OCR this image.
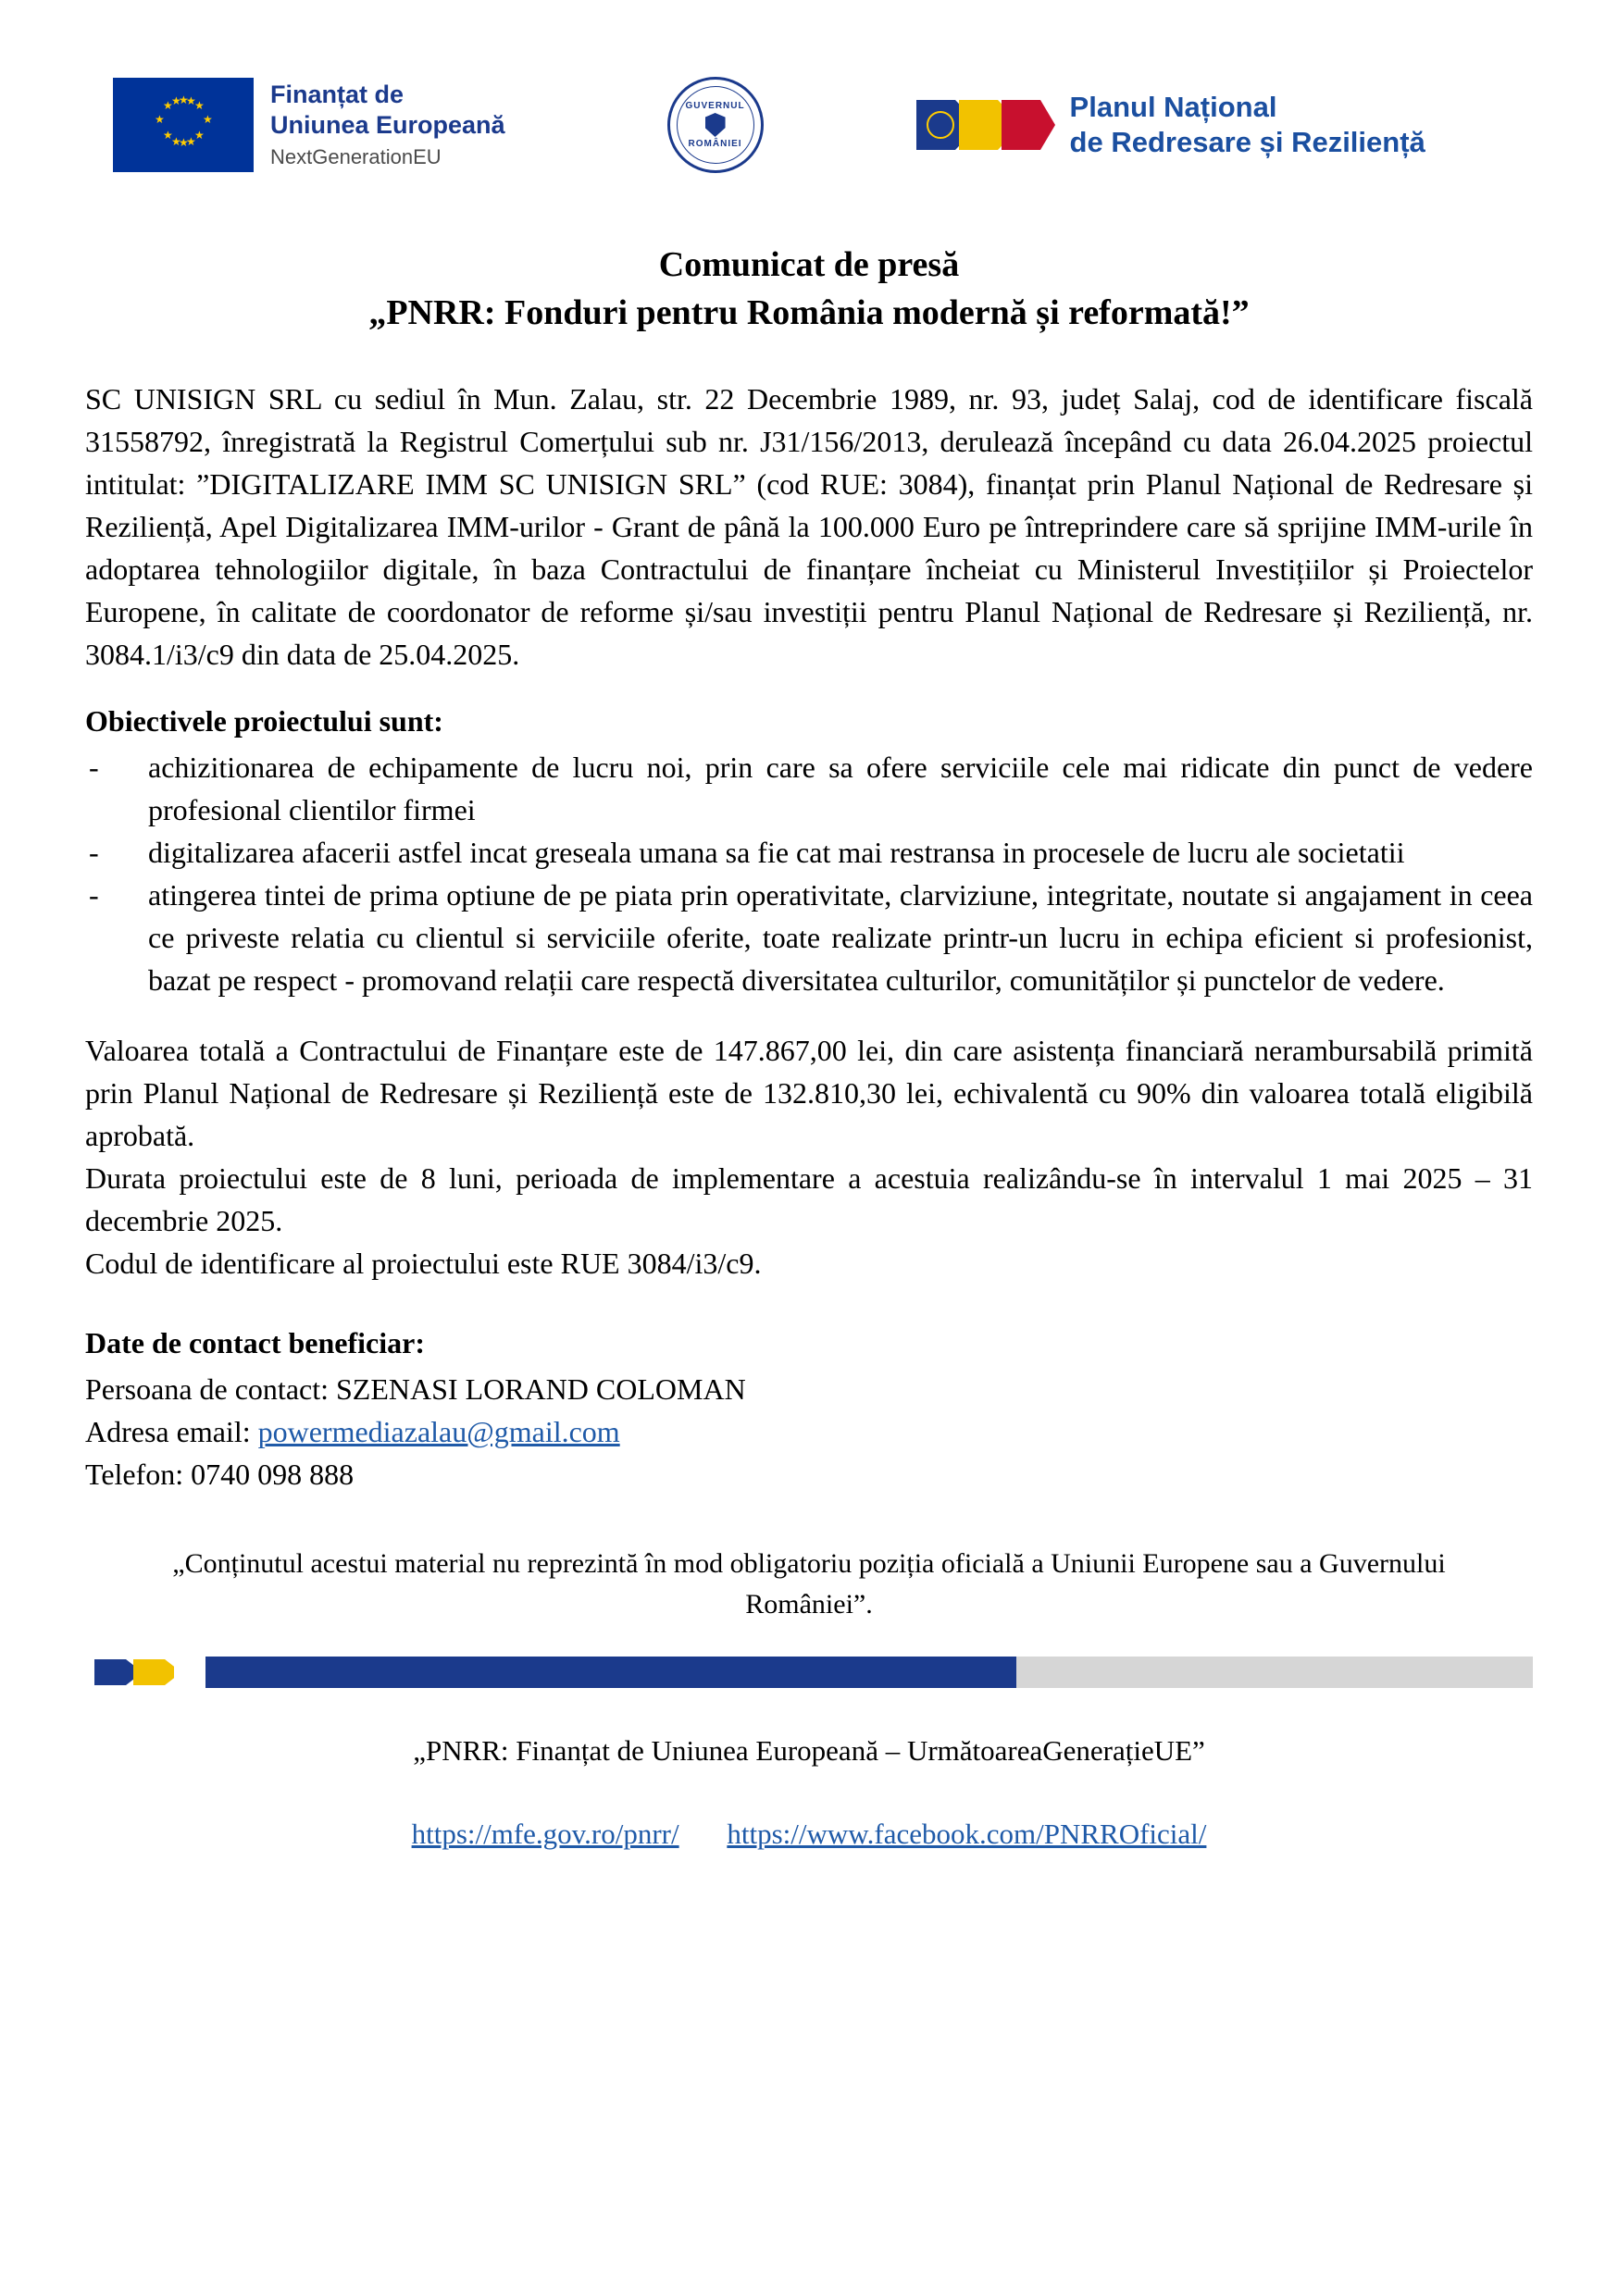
★ ★
★
★
★
★
★
★
★ ★
★ ★
Finanțat de
Uniunea Europeană
NextGenerationEU
GUVERNUL
ROMÂNIEI
Planul Național
de Redresare și Reziliență
Comunicat de presă
„PNRR: Fonduri pentru România modernă și reformată!”

SC UNISIGN SRL cu sediul în Mun. Zalau, str. 22 Decembrie 1989, nr. 93, județ Salaj, cod de identificare fiscală 31558792, înregistrată la Registrul Comerțului sub nr. J31/156/2013, derulează începând cu data 26.04.2025 proiectul intitulat: ”DIGITALIZARE IMM SC UNISIGN SRL” (cod RUE: 3084), finanțat prin Planul Național de Redresare și Reziliență, Apel Digitalizarea IMM-urilor - Grant de până la 100.000 Euro pe întreprindere care să sprijine IMM-urile în adoptarea tehnologiilor digitale, în baza Contractului de finanțare încheiat cu Ministerul Investițiilor și Proiectelor Europene, în calitate de coordonator de reforme și/sau investiții pentru Planul Național de Redresare și Reziliență, nr. 3084.1/i3/c9 din data de 25.04.2025.

Obiectivele proiectului sunt:
- achizitionarea de echipamente de lucru noi, prin care sa ofere serviciile cele mai ridicate din punct de vedere profesional clientilor firmei
- digitalizarea afacerii astfel incat greseala umana sa fie cat mai restransa in procesele de lucru ale societatii
- atingerea tintei de prima optiune de pe piata prin operativitate, clarviziune, integritate, noutate si angajament in ceea ce priveste relatia cu clientul si serviciile oferite, toate realizate printr-un lucru in echipa eficient si profesionist, bazat pe respect - promovand relații care respectă diversitatea culturilor, comunităților și punctelor de vedere.

Valoarea totală a Contractului de Finanțare este de 147.867,00 lei, din care asistența financiară nerambursabilă primită prin Planul Național de Redresare și Reziliență este de 132.810,30 lei, echivalentă cu 90% din valoarea totală eligibilă aprobată.

Durata proiectului este de 8 luni, perioada de implementare a acestuia realizându-se în intervalul 1 mai 2025 – 31 decembrie 2025.

Codul de identificare al proiectului este RUE 3084/i3/c9.

Date de contact beneficiar:

Persoana de contact: SZENASI LORAND COLOMAN

Adresa email: powermediazalau@gmail.com

Telefon: 0740 098 888

„Conținutul acestui material nu reprezintă în mod obligatoriu poziția oficială a Uniunii Europene sau a Guvernului României”.
„PNRR: Finanțat de Uniunea Europeană – UrmătoareaGenerațieUE”
https://mfe.gov.ro/pnrr/ https://www.facebook.com/PNRROficial/
